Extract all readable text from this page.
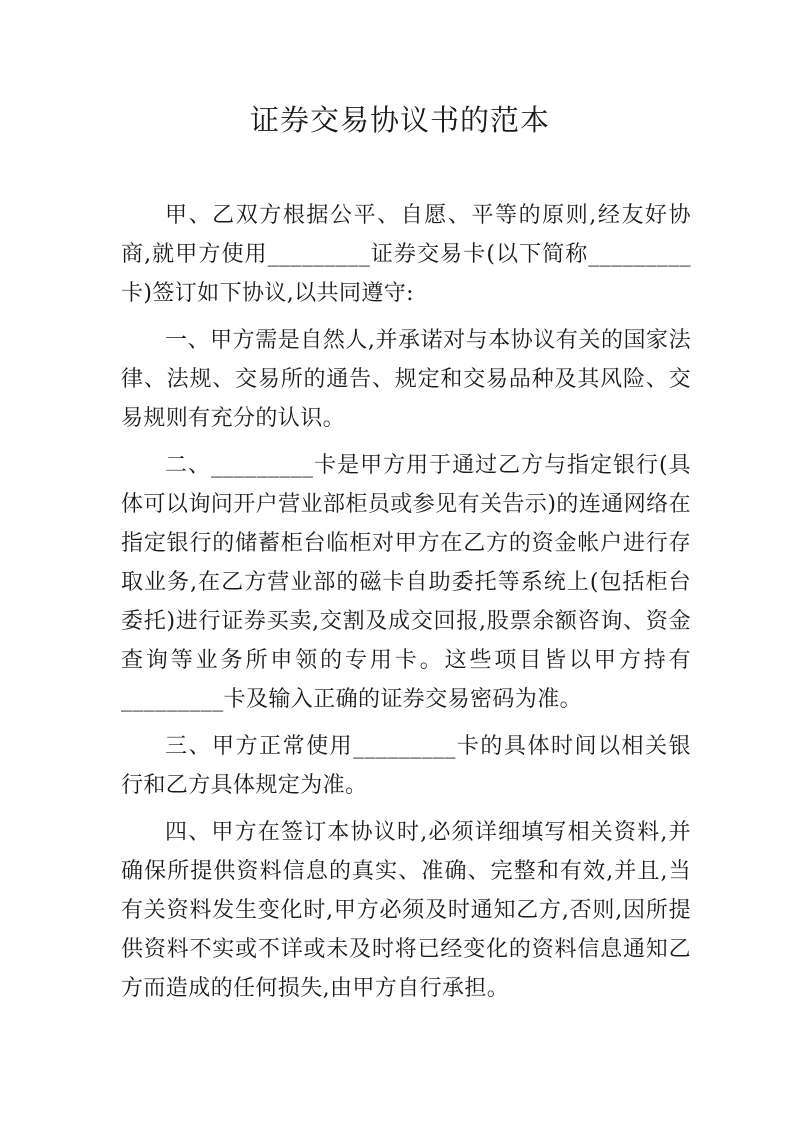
证券交易协议书的范本

甲、乙双方根据公平、自愿、平等的原则,经友好协商,就甲方使用_________证券交易卡(以下简称_________卡)签订如下协议,以共同遵守:

一、甲方需是自然人,并承诺对与本协议有关的国家法律、法规、交易所的通告、规定和交易品种及其风险、交易规则有充分的认识。

二、_________卡是甲方用于通过乙方与指定银行(具体可以询问开户营业部柜员或参见有关告示)的连通网络在指定银行的储蓄柜台临柜对甲方在乙方的资金帐户进行存取业务,在乙方营业部的磁卡自助委托等系统上(包括柜台委托)进行证券买卖,交割及成交回报,股票余额咨询、资金查询等业务所申领的专用卡。这些项目皆以甲方持有_________卡及输入正确的证券交易密码为准。

三、甲方正常使用_________卡的具体时间以相关银行和乙方具体规定为准。

四、甲方在签订本协议时,必须详细填写相关资料,并确保所提供资料信息的真实、准确、完整和有效,并且,当有关资料发生变化时,甲方必须及时通知乙方,否则,因所提供资料不实或不详或未及时将已经变化的资料信息通知乙方而造成的任何损失,由甲方自行承担。
